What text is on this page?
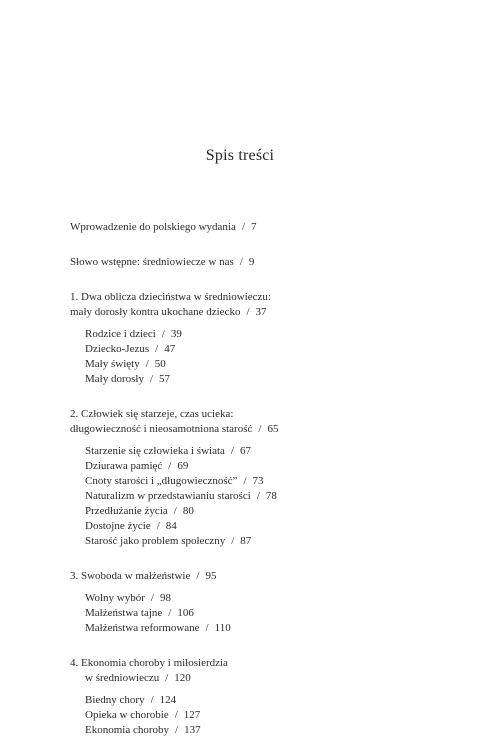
Spis treści
Wprowadzenie do polskiego wydania / 7
Słowo wstępne: średniowiecze w nas / 9
1. Dwa oblicza dzieciństwa w średniowieczu:
mały dorosły kontra ukochane dziecko / 37
Rodzice i dzieci / 39
Dziecko-Jezus / 47
Mały święty / 50
Mały dorosły / 57
2. Człowiek się starzeje, czas ucieka:
długowieczność i nieosamotniona starość / 65
Starzenie się człowieka i świata / 67
Dziurawa pamięć / 69
Cnoty starości i „długowieczność” / 73
Naturalizm w przedstawianiu starości / 78
Przedłużanie życia / 80
Dostojne życie / 84
Starość jako problem społeczny / 87
3. Swoboda w małżeństwie / 95
Wolny wybór / 98
Małżeństwa tajne / 106
Małżeństwa reformowane / 110
4. Ekonomia choroby i miłosierdzia
w średniowieczu / 120
Biedny chory / 124
Opieka w chorobie / 127
Ekonomia choroby / 137
